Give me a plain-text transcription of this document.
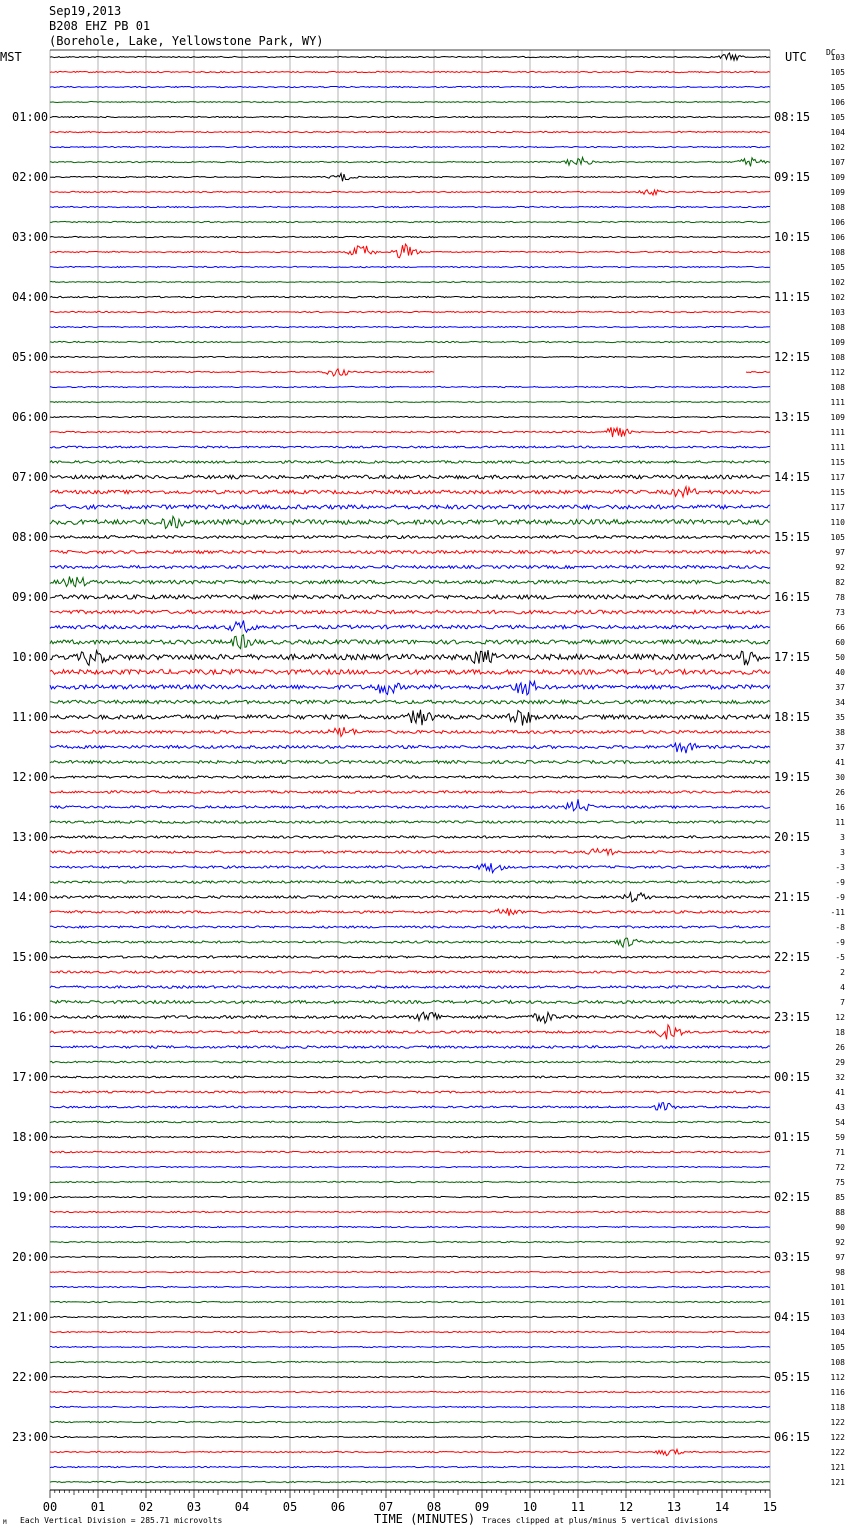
Sep19,2013
B208 EHZ PB 01
(Borehole, Lake, Yellowstone Park, WY)
MST	UTC DC
01:00	08:15
02:00	09:15
03:00	10:15
04:00	11:15
05:00	12:15
06:00	13:15
07:00	14:15
08:00	15:15
09:00	16:15
10:00	17:15
11:00	18:15
12:00	19:15
13:00	20:15
14:00	21:15
15:00	22:15
16:00	23:15
17:00	00:15
18:00	01:15
19:00	02:15
20:00	03:15
21:00	04:15
22:00	05:15
23:00	06:15
103
105
105
106
105
104
102
107
109
109
108
106
106
108
105
102
102
103
108
109
108
112
108
111
109
111
111
115
117
115
117
110
105
97
92
82
78
73
66
60
50
40
37
34
35
38
37
41
30
26
16
11
3
3
-3
-9
-9
-11
-8
-9
-5
2
4
7
12
18
26
29
32
41
43
54
59
71
72
75
85
88
90
92
97
98
101
101
103
104
105
108
112
116
118
122
122
122
121
121
00	01	02	03	04	05	06	07	08	09	10	11	12	13	14	15
TIME (MINUTES)
M Each Vertical Division = 285.71 microvolts	Traces clipped at plus/minus 5 vertical divisions
